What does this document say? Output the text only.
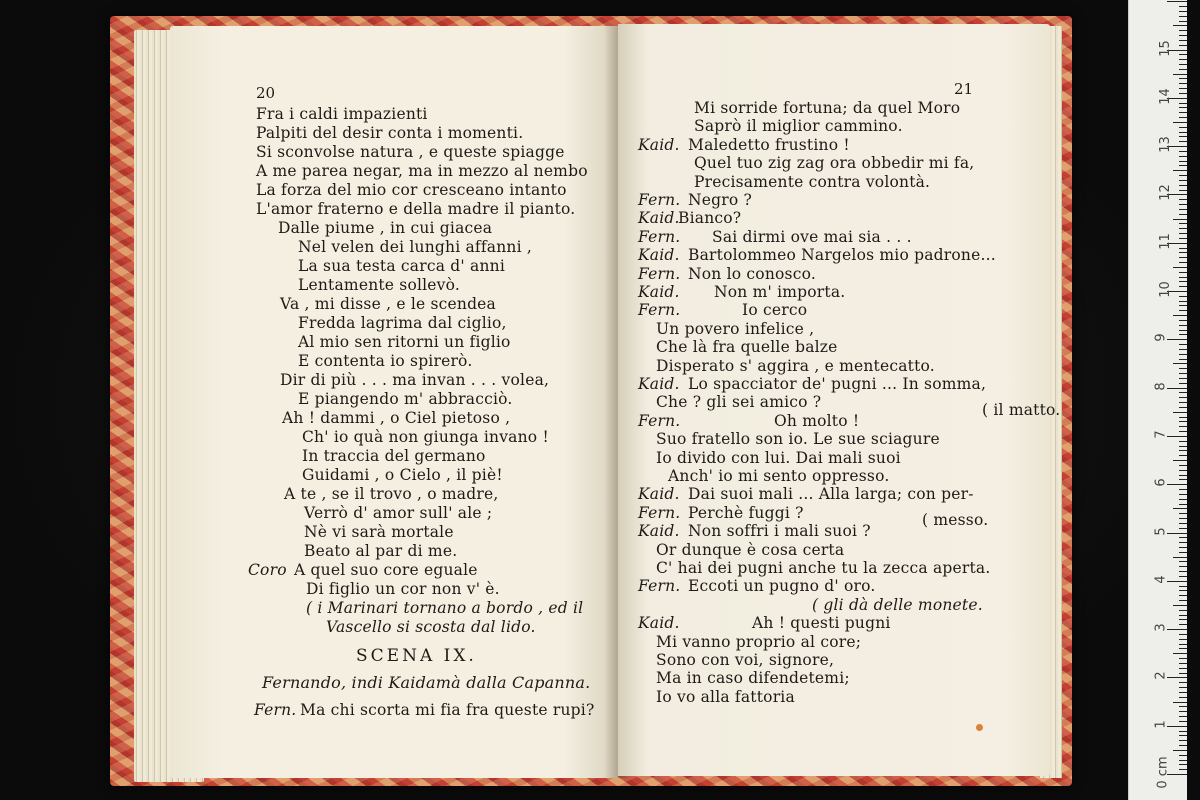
20
Fra i caldi impazienti
Palpiti del desir conta i momenti.
Si sconvolse natura , e queste spiagge
A me parea negar, ma in mezzo al nembo
La forza del mio cor cresceano intanto
L'amor fraterno e della madre il pianto.
Dalle piume , in cui giacea
Nel velen dei lunghi affanni ,
La sua testa carca d' anni
Lentamente sollevò.
Va , mi disse , e le scendea
Fredda lagrima dal ciglio,
Al mio sen ritorni un figlio
E contenta io spirerò.
Dir di più . . . ma invan . . . volea,
E piangendo m' abbracciò.
Ah ! dammi , o Ciel pietoso ,
Ch' io quà non giunga invano !
In traccia del germano
Guidami , o Cielo , il piè!
A te , se il trovo , o madre,
Verrò d' amor sull' ale ;
Nè vi sarà mortale
Beato al par di me.
Coro A quel suo core eguale
Di figlio un cor non v' è.
( i Marinari tornano a bordo , ed il
Vascello si scosta dal lido.
SCENA IX.
Fernando, indi Kaidamà dalla Capanna.
Fern. Ma chi scorta mi fia fra queste rupi?
21
( il matto.
( messo.
Mi sorride fortuna; da quel Moro
Saprò il miglior cammino.
Kaid. Maledetto frustino !
Quel tuo zig zag ora obbedir mi fa,
Precisamente contra volontà.
Fern. Negro ?
Kaid.
Bianco?
Fern. Sai dirmi ove mai sia . . .
Kaid. Bartolommeo Nargelos mio padrone...
Fern. Non lo conosco.
Kaid. Non m' importa.
Fern.	Io cerco
Un povero infelice ,
Che là fra quelle balze
Disperato s' aggira , e mentecatto.
Kaid. Lo spacciator de' pugni ... In somma,
Che ? gli sei amico ?
Fern.	Oh molto !
Suo fratello son io. Le sue sciagure
Io divido con lui. Dai mali suoi
Anch' io mi sento oppresso.
Kaid. Dai suoi mali ... Alla larga; con per-
Fern. Perchè fuggi ?
Kaid. Non soffri i mali suoi ?
Or dunque è cosa certa
C' hai dei pugni anche tu la zecca aperta.
Fern. Eccoti un pugno d' oro.
( gli dà delle monete.
Kaid.	Ah ! questi pugni
Mi vanno proprio al core;
Sono con voi, signore,
Ma in caso difendetemi;
Io vo alla fattoria
0 cm
1
2
3
4
5
6
7
8
9
10
11
12
13
14
15
